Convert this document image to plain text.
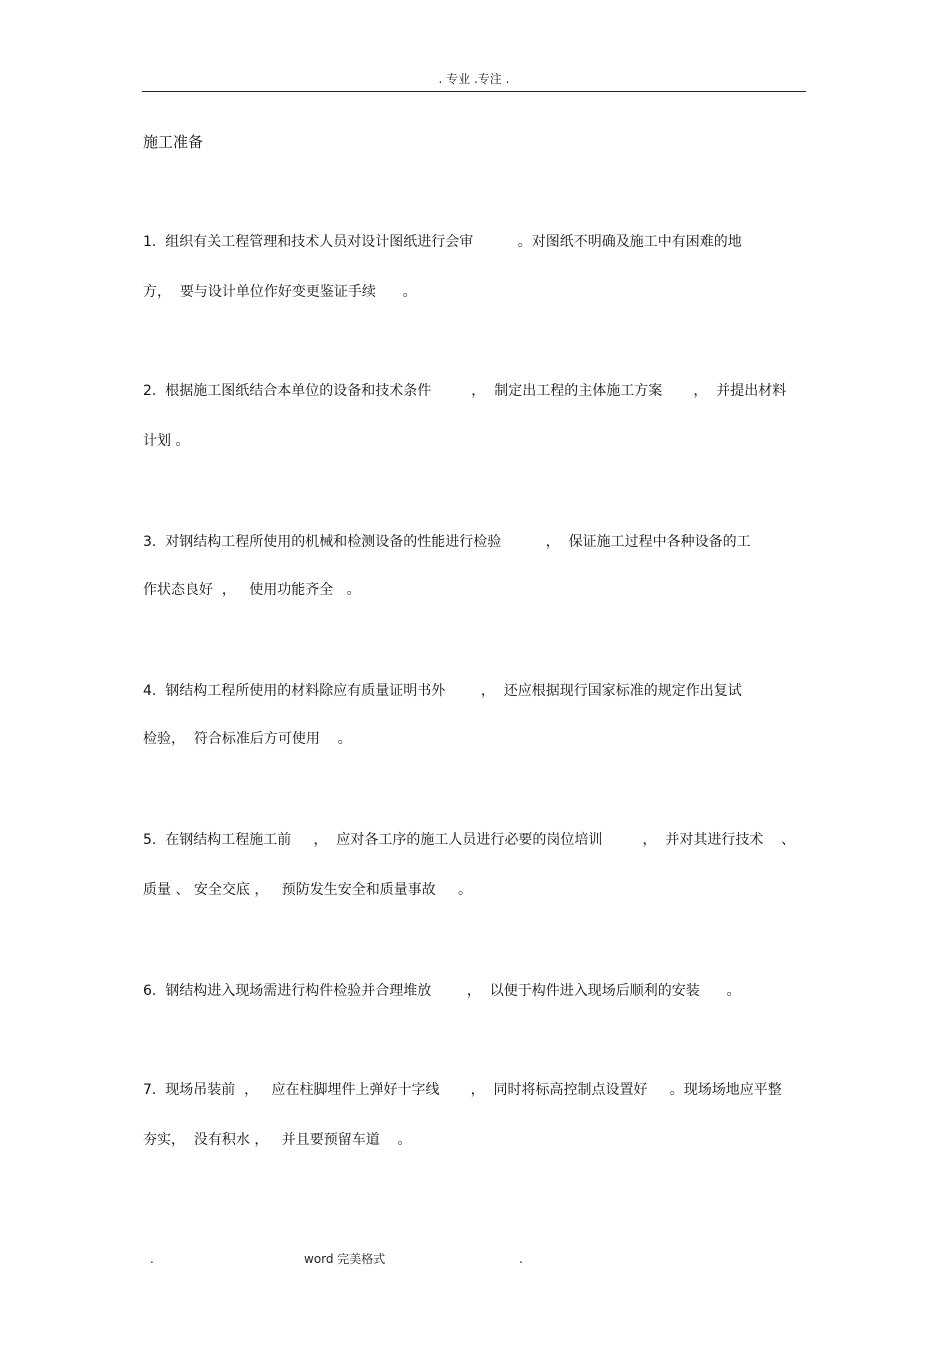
. 专业 .专注 .
施工准备

1.  组织有关工程管理和技术人员对设计图纸进行会审          。对图纸不明确及施工中有困难的地

方，  要与设计单位作好变更鉴证手续      。

2.  根据施工图纸结合本单位的设备和技术条件         ，  制定出工程的主体施工方案       ，  并提出材料

计划 。

3.  对钢结构工程所使用的机械和检测设备的性能进行检验          ，  保证施工过程中各种设备的工

作状态良好  ，   使用功能齐全   。

4.  钢结构工程所使用的材料除应有质量证明书外        ，  还应根据现行国家标准的规定作出复试

检验，  符合标准后方可使用    。

5.  在钢结构工程施工前     ，  应对各工序的施工人员进行必要的岗位培训         ，  并对其进行技术    、

质量 、 安全交底 ，   预防发生安全和质量事故     。

6.  钢结构进入现场需进行构件检验并合理堆放        ，  以便于构件进入现场后顺利的安装      。

7.  现场吊装前  ，   应在柱脚埋件上弹好十字线       ，  同时将标高控制点设置好     。现场场地应平整

夯实，  没有积水 ，   并且要预留车道    。

.	word 完美格式	.
